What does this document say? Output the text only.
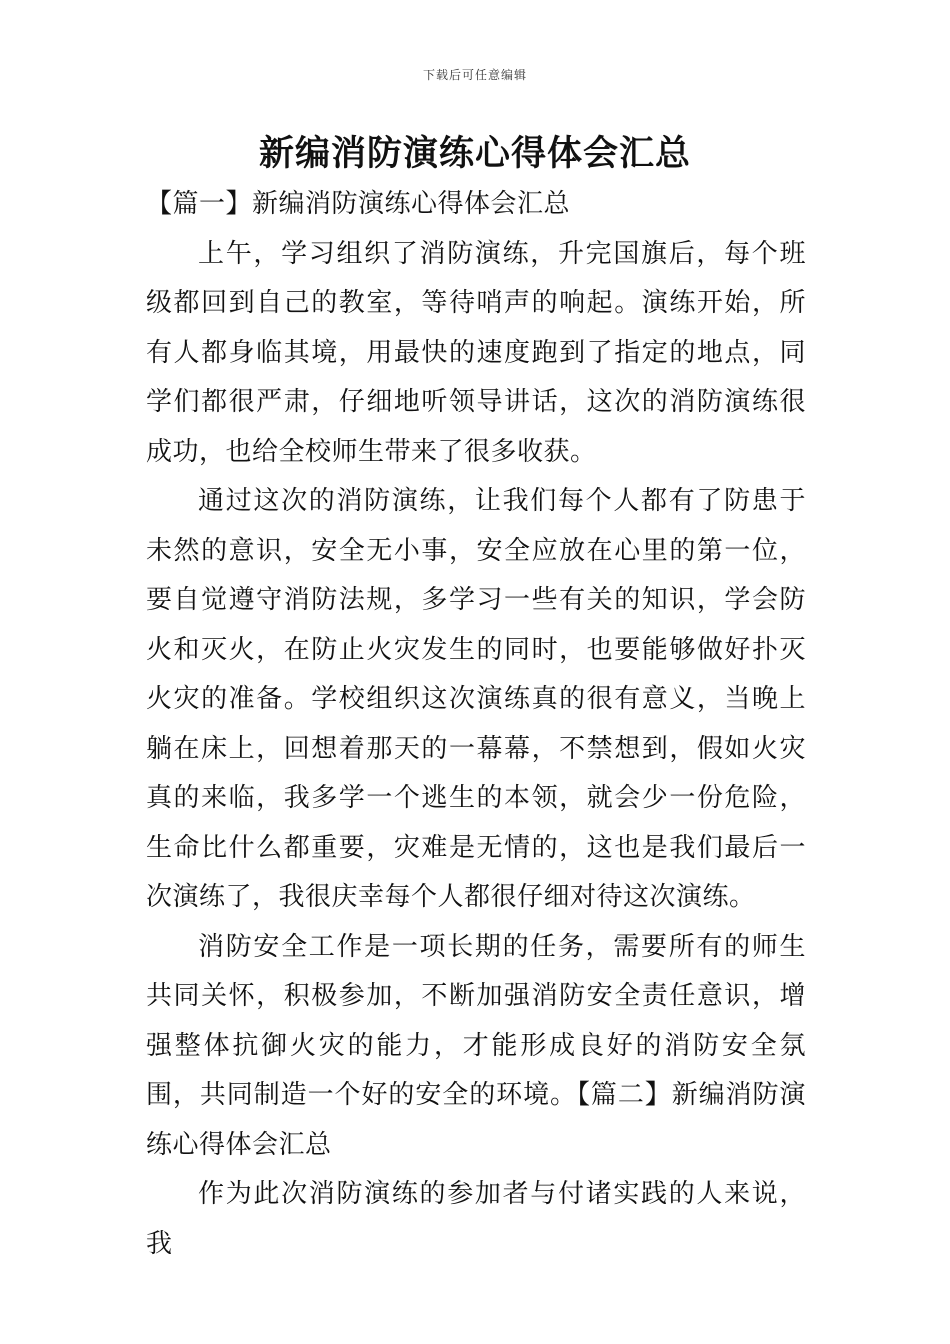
下载后可任意编辑
新编消防演练心得体会汇总

【篇一】新编消防演练心得体会汇总

上午，学习组织了消防演练，升完国旗后，每个班级都回到自己的教室，等待哨声的响起。演练开始，所有人都身临其境，用最快的速度跑到了指定的地点，同学们都很严肃，仔细地听领导讲话，这次的消防演练很成功，也给全校师生带来了很多收获。

通过这次的消防演练，让我们每个人都有了防患于未然的意识，安全无小事，安全应放在心里的第一位，要自觉遵守消防法规，多学习一些有关的知识，学会防火和灭火，在防止火灾发生的同时，也要能够做好扑灭火灾的准备。学校组织这次演练真的很有意义，当晚上躺在床上，回想着那天的一幕幕，不禁想到，假如火灾真的来临，我多学一个逃生的本领，就会少一份危险，生命比什么都重要，灾难是无情的，这也是我们最后一次演练了，我很庆幸每个人都很仔细对待这次演练。

消防安全工作是一项长期的任务，需要所有的师生共同关怀，积极参加，不断加强消防安全责任意识，增强整体抗御火灾的能力，才能形成良好的消防安全氛围，共同制造一个好的安全的环境。【篇二】新编消防演练心得体会汇总

作为此次消防演练的参加者与付诸实践的人来说，我
